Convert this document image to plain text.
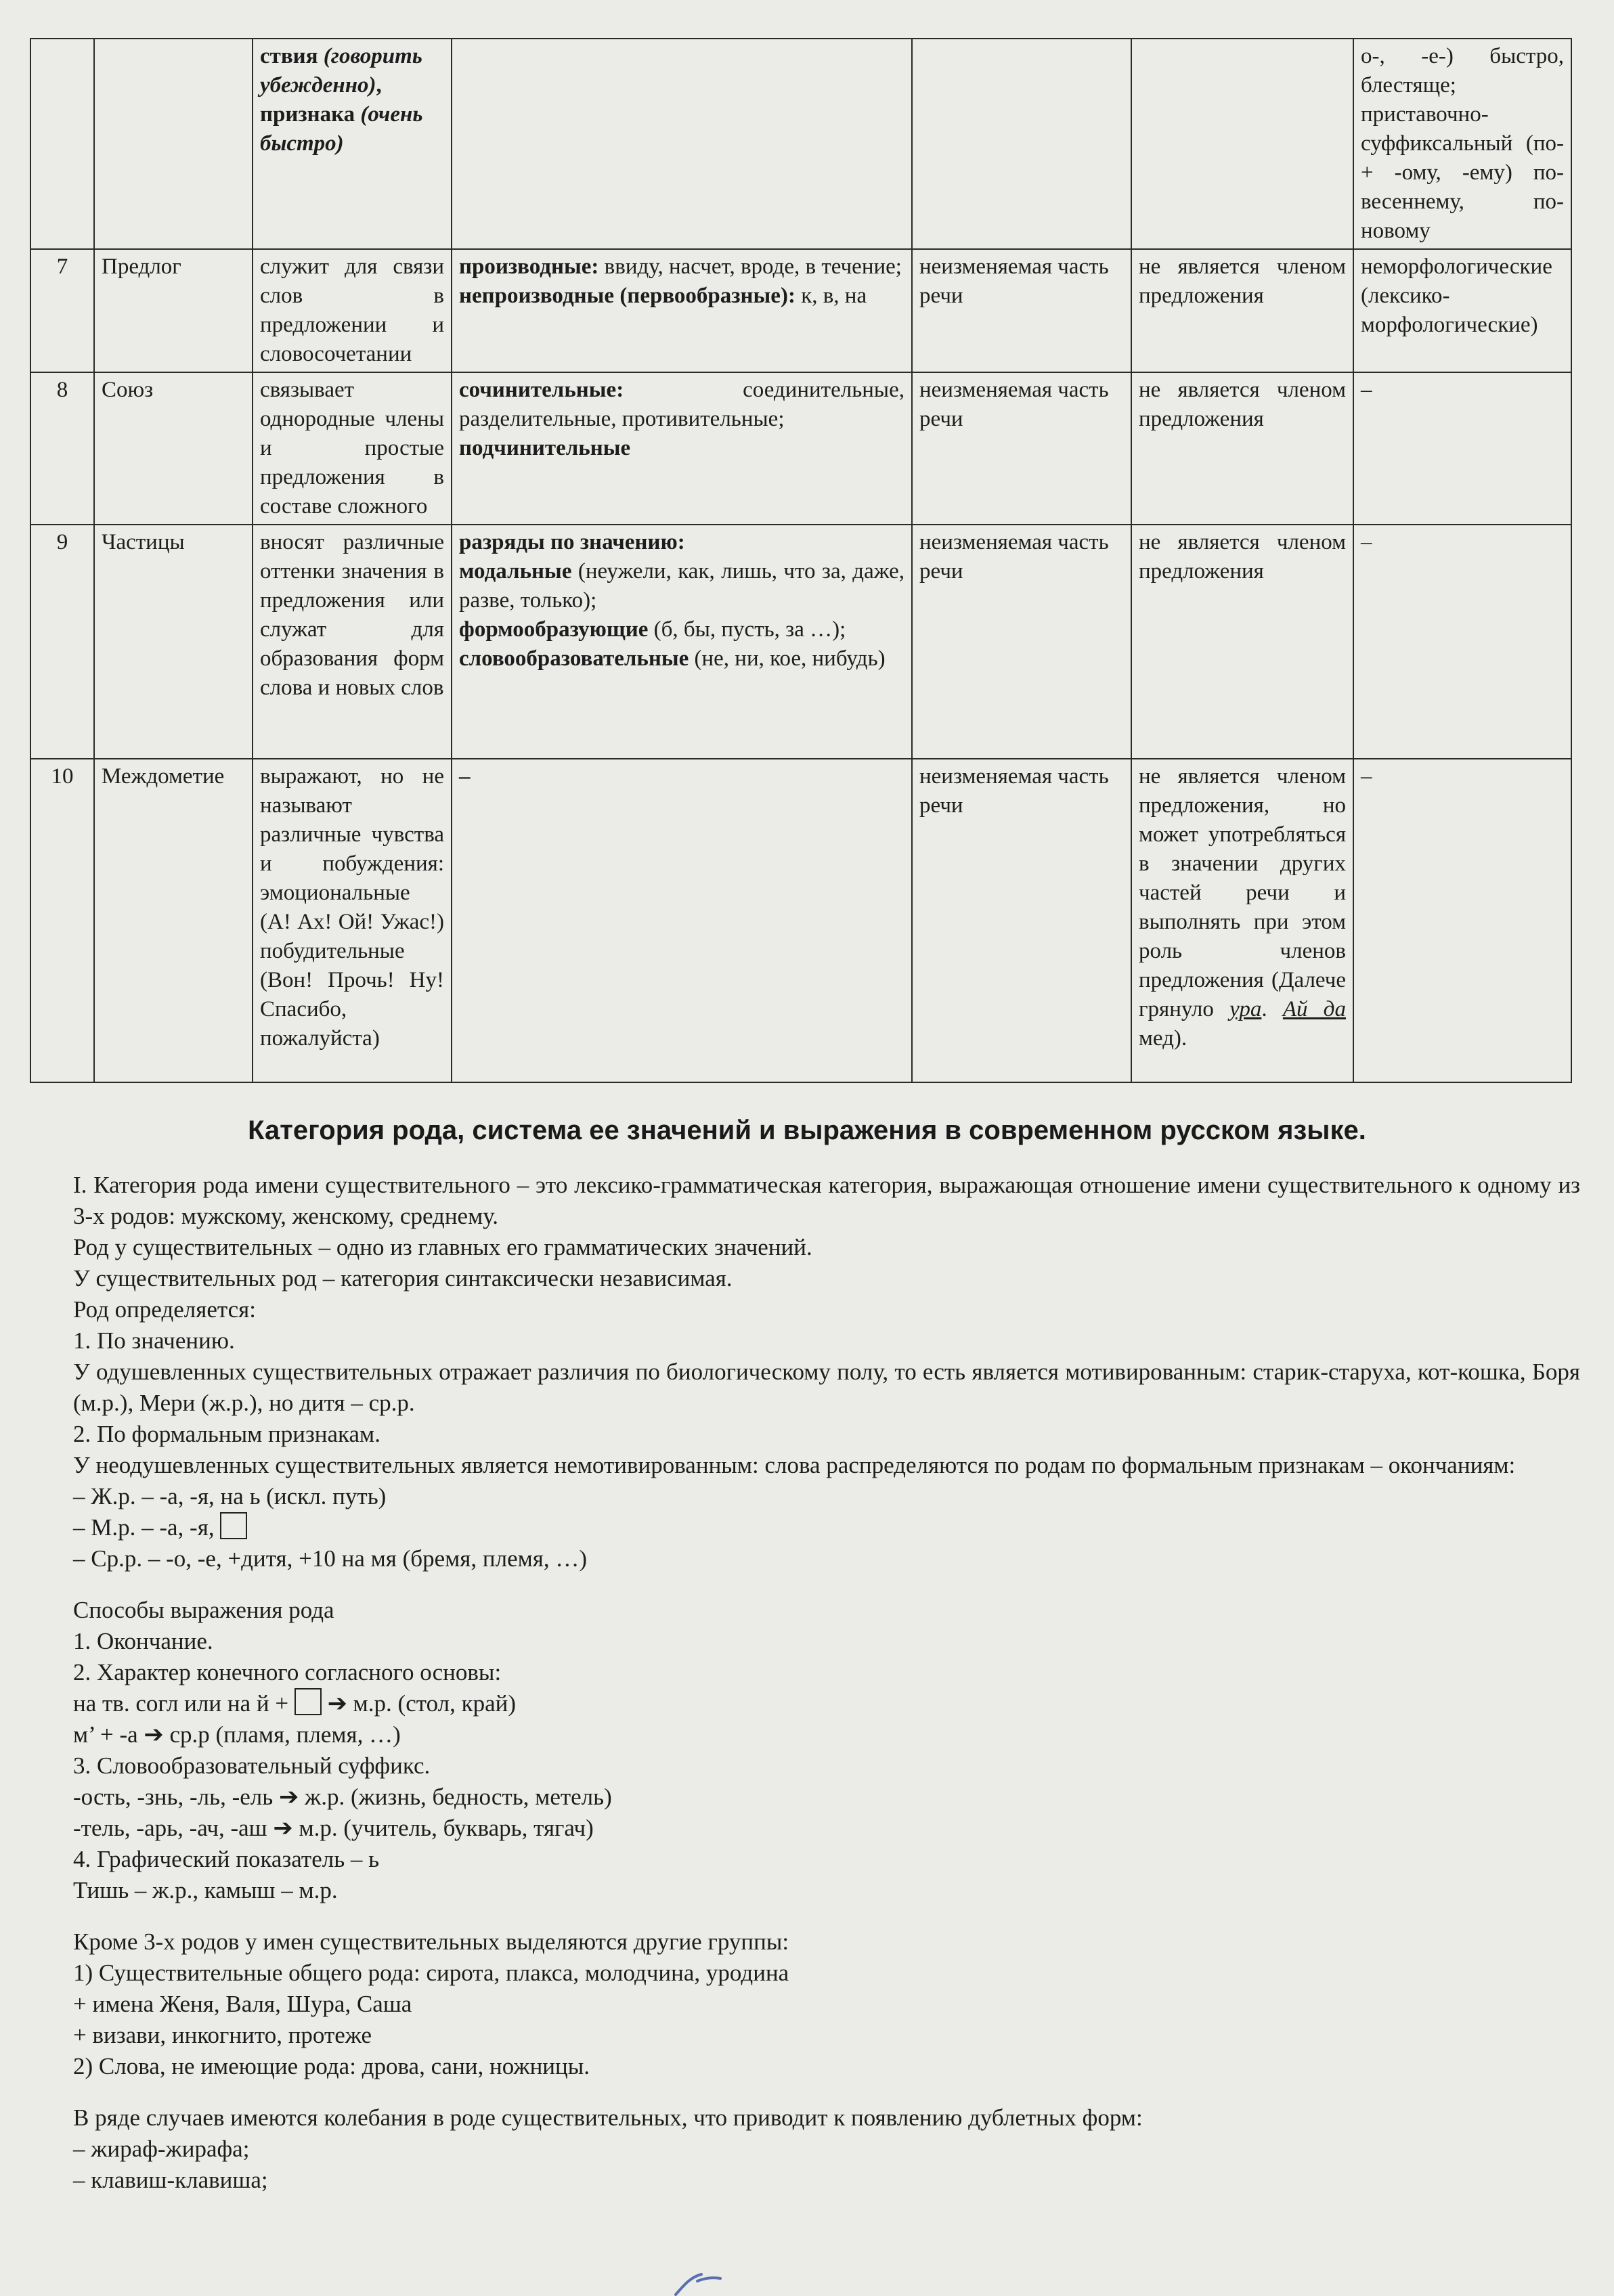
		ствия (говорить убежденно),
признака (очень быстро)				о-, -е-) быстро, блестяще; приставочно-суффиксальный (по- + -ому, -ему) по-весеннему, по-новому
7	Предлог	служит для связи слов в предложении и словосочетании	производные: ввиду, насчет, вроде, в течение;
непроизводные (первообразные): к, в, на	неизменяемая часть речи	не является членом предложения	неморфологические (лексико-морфологические)
8	Союз	связывает однородные члены и простые предложения в составе сложного	сочинительные: соединительные, разделительные, противительные;
подчинительные	неизменяемая часть речи	не является членом предложения	–
9	Частицы	вносят различные оттенки значения в предложения или служат для образования форм слова и новых слов	разряды по значению:
модальные (неужели, как, лишь, что за, даже, разве, только);
формообразующие (б, бы, пусть, за …);
словообразовательные (не, ни, кое, нибудь)	неизменяемая часть речи	не является членом предложения	–
10	Междометие	выражают, но не называют различные чувства и побуждения: эмоциональные (А! Ах! Ой! Ужас!) побудительные (Вон! Прочь! Ну! Спасибо, пожалуйста)	–	неизменяемая часть речи	не является членом предложения, но может употребляться в значении других частей речи и выполнять при этом роль членов предложения (Далече грянуло ура. Ай да мед).	–
Категория рода, система ее значений и выражения в современном русском языке.

I. Категория рода имени существительного – это лексико-грамматическая категория, выражающая отношение имени существительного к одному из 3-х родов: мужскому, женскому, среднему.

Род у существительных – одно из главных его грамматических значений.

У существительных род – категория синтаксически независимая.

Род определяется:

1. По значению.

У одушевленных существительных отражает различия по биологическому полу, то есть является мотивированным: старик-старуха, кот-кошка, Боря (м.р.), Мери (ж.р.), но дитя – ср.р.

2. По формальным признакам.

У неодушевленных существительных является немотивированным: слова распределяются по родам по формальным признакам – окончаниям:

– Ж.р. – -а, -я, на ь (искл. путь)

– М.р. – -а, -я,

– Ср.р. – -о, -е, +дитя, +10 на мя (бремя, племя, …)

Способы выражения рода

1. Окончание.

2. Характер конечного согласного основы:

на тв. согл или на й + ➔ м.р. (стол, край)

м’ + -а ➔ ср.р (пламя, племя, …)

3. Словообразовательный суффикс.

-ость, -знь, -ль, -ель ➔ ж.р. (жизнь, бедность, метель)

-тель, -арь, -ач, -аш ➔ м.р. (учитель, букварь, тягач)

4. Графический показатель – ь

Тишь – ж.р., камыш – м.р.

Кроме 3-х родов у имен существительных выделяются другие группы:

1) Существительные общего рода: сирота, плакса, молодчина, уродина

+ имена Женя, Валя, Шура, Саша

+ визави, инкогнито, протеже

2) Слова, не имеющие рода: дрова, сани, ножницы.

В ряде случаев имеются колебания в роде существительных, что приводит к появлению дублетных форм:

– жираф-жирафа;

– клавиш-клавиша;
